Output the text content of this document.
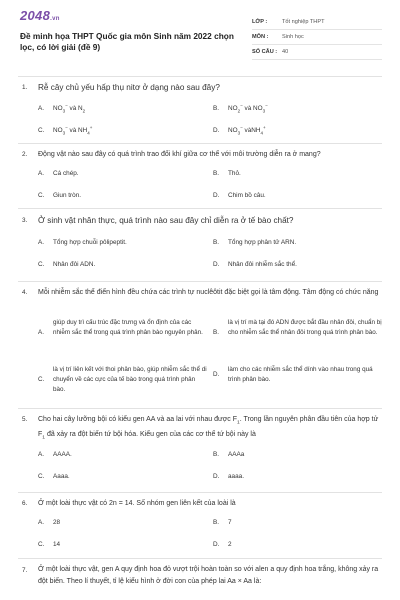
2048.vn
Đề minh họa THPT Quốc gia môn Sinh năm 2022 chọn lọc, có lời giải (đề 9)
LỚP :	Tốt nghiệp THPT
MÔN :	Sinh học
SỐ CÂU : 40
1. Rễ cây chủ yếu hấp thụ nitơ ở dạng nào sau đây?
A. $NO_3^-$ và $N_2$	B. $NO_2^-$ và $NO_3^-$
C. $NO_3^-$ và $NH_4^+$	D. $NO_3^-$ vàNH$_4$+
2. Động vật nào sau đây có quá trình trao đổi khí giữa cơ thể với môi trường diễn ra ở mang?
A. Cá chép.	B. Thỏ.
C. Giun tròn.	D. Chim bồ câu.
3. Ở sinh vật nhân thực, quá trình nào sau đây chỉ diễn ra ở tế bào chất?
A. Tổng hợp chuỗi pôlipeptit.	B. Tổng hợp phân tử ARN.
C. Nhân đôi ADN.	D. Nhân đôi nhiễm sắc thể.
4. Mỗi nhiễm sắc thể điển hình đều chứa các trình tự nuclêôtit đặc biệt gọi là tâm động. Tâm động có chức năng
A.
giúp duy trì cấu trúc đặc trưng và ổn định của các nhiễm sắc thể trong quá trình phân bào nguyên phân.	B.
là vị trí mà tại đó ADN được bắt đầu nhân đôi, chuẩn bị cho nhiễm sắc thể nhân đôi trong quá trình phân bào.
C.
là vị trí liên kết với thoi phân bào, giúp nhiễm sắc thể di chuyển về các cực của tế bào trong quá trình phân bào.
D.
làm cho các nhiễm sắc thể dính vào nhau trong quá trình phân bào.
5. Cho hai cây lưỡng bội có kiểu gen AA và aa lai với nhau được $F_1$. Trong lần nguyên phân đầu tiên của hợp tử $F_1$ đã xảy ra đột biến tứ bội hóa. Kiểu gen của các cơ thể tứ bội này là
A. AAAA.	B. AAAa
C. Aaaa.	D. aaaa.
6. Ở một loài thực vật có 2n = 14. Số nhóm gen liên kết của loài là
A. 28	B. 7
C. 14	D. 2
7. Ở một loài thực vật, gen A quy định hoa đỏ vượt trội hoàn toàn so với alen a quy định hoa trắng, không xảy ra đột biến. Theo lí thuyết, tỉ lệ kiểu hình ở đời con của phép lai Aa × Aa là:
